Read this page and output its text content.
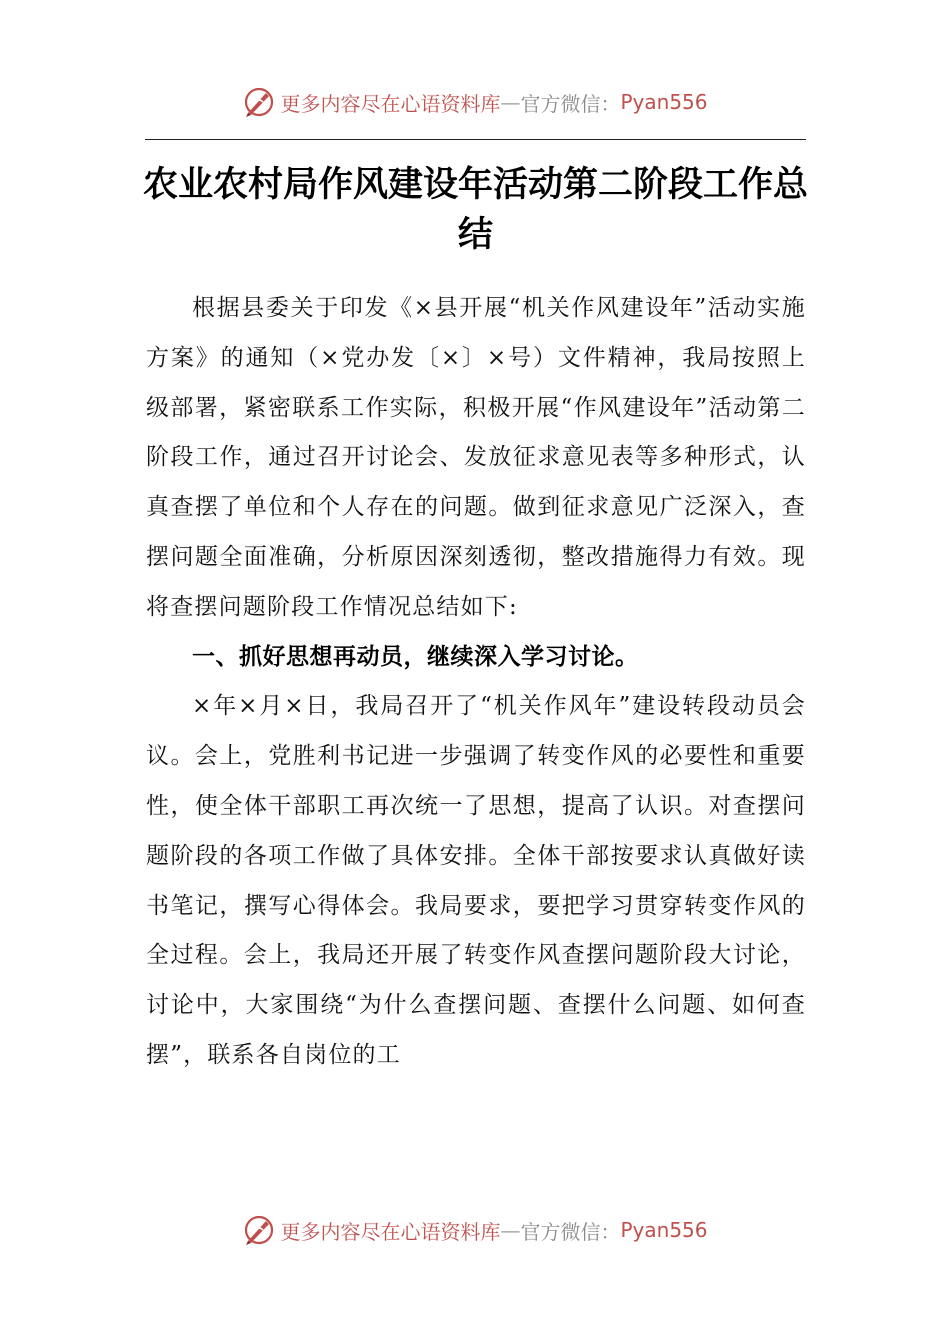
更多内容尽在心语资料库 — 官方微信： Pyan556
农业农村局作风建设年活动第二阶段工作总结

根据县委关于印发《×县开展“机关作风建设年”活动实施方案》的通知（×党办发〔×〕×号）文件精神，我局按照上级部署，紧密联系工作实际，积极开展“作风建设年”活动第二阶段工作，通过召开讨论会、发放征求意见表等多种形式，认真查摆了单位和个人存在的问题。做到征求意见广泛深入，查摆问题全面准确，分析原因深刻透彻，整改措施得力有效。现将查摆问题阶段工作情况总结如下:

一、抓好思想再动员，继续深入学习讨论。

×年×月×日，我局召开了“机关作风年”建设转段动员会议。会上，党胜利书记进一步强调了转变作风的必要性和重要性，使全体干部职工再次统一了思想，提高了认识。对查摆问题阶段的各项工作做了具体安排。全体干部按要求认真做好读书笔记，撰写心得体会。我局要求，要把学习贯穿转变作风的全过程。会上，我局还开展了转变作风查摆问题阶段大讨论，讨论中，大家围绕“为什么查摆问题、查摆什么问题、如何查摆”，联系各自岗位的工

更多内容尽在心语资料库 — 官方微信： Pyan556
